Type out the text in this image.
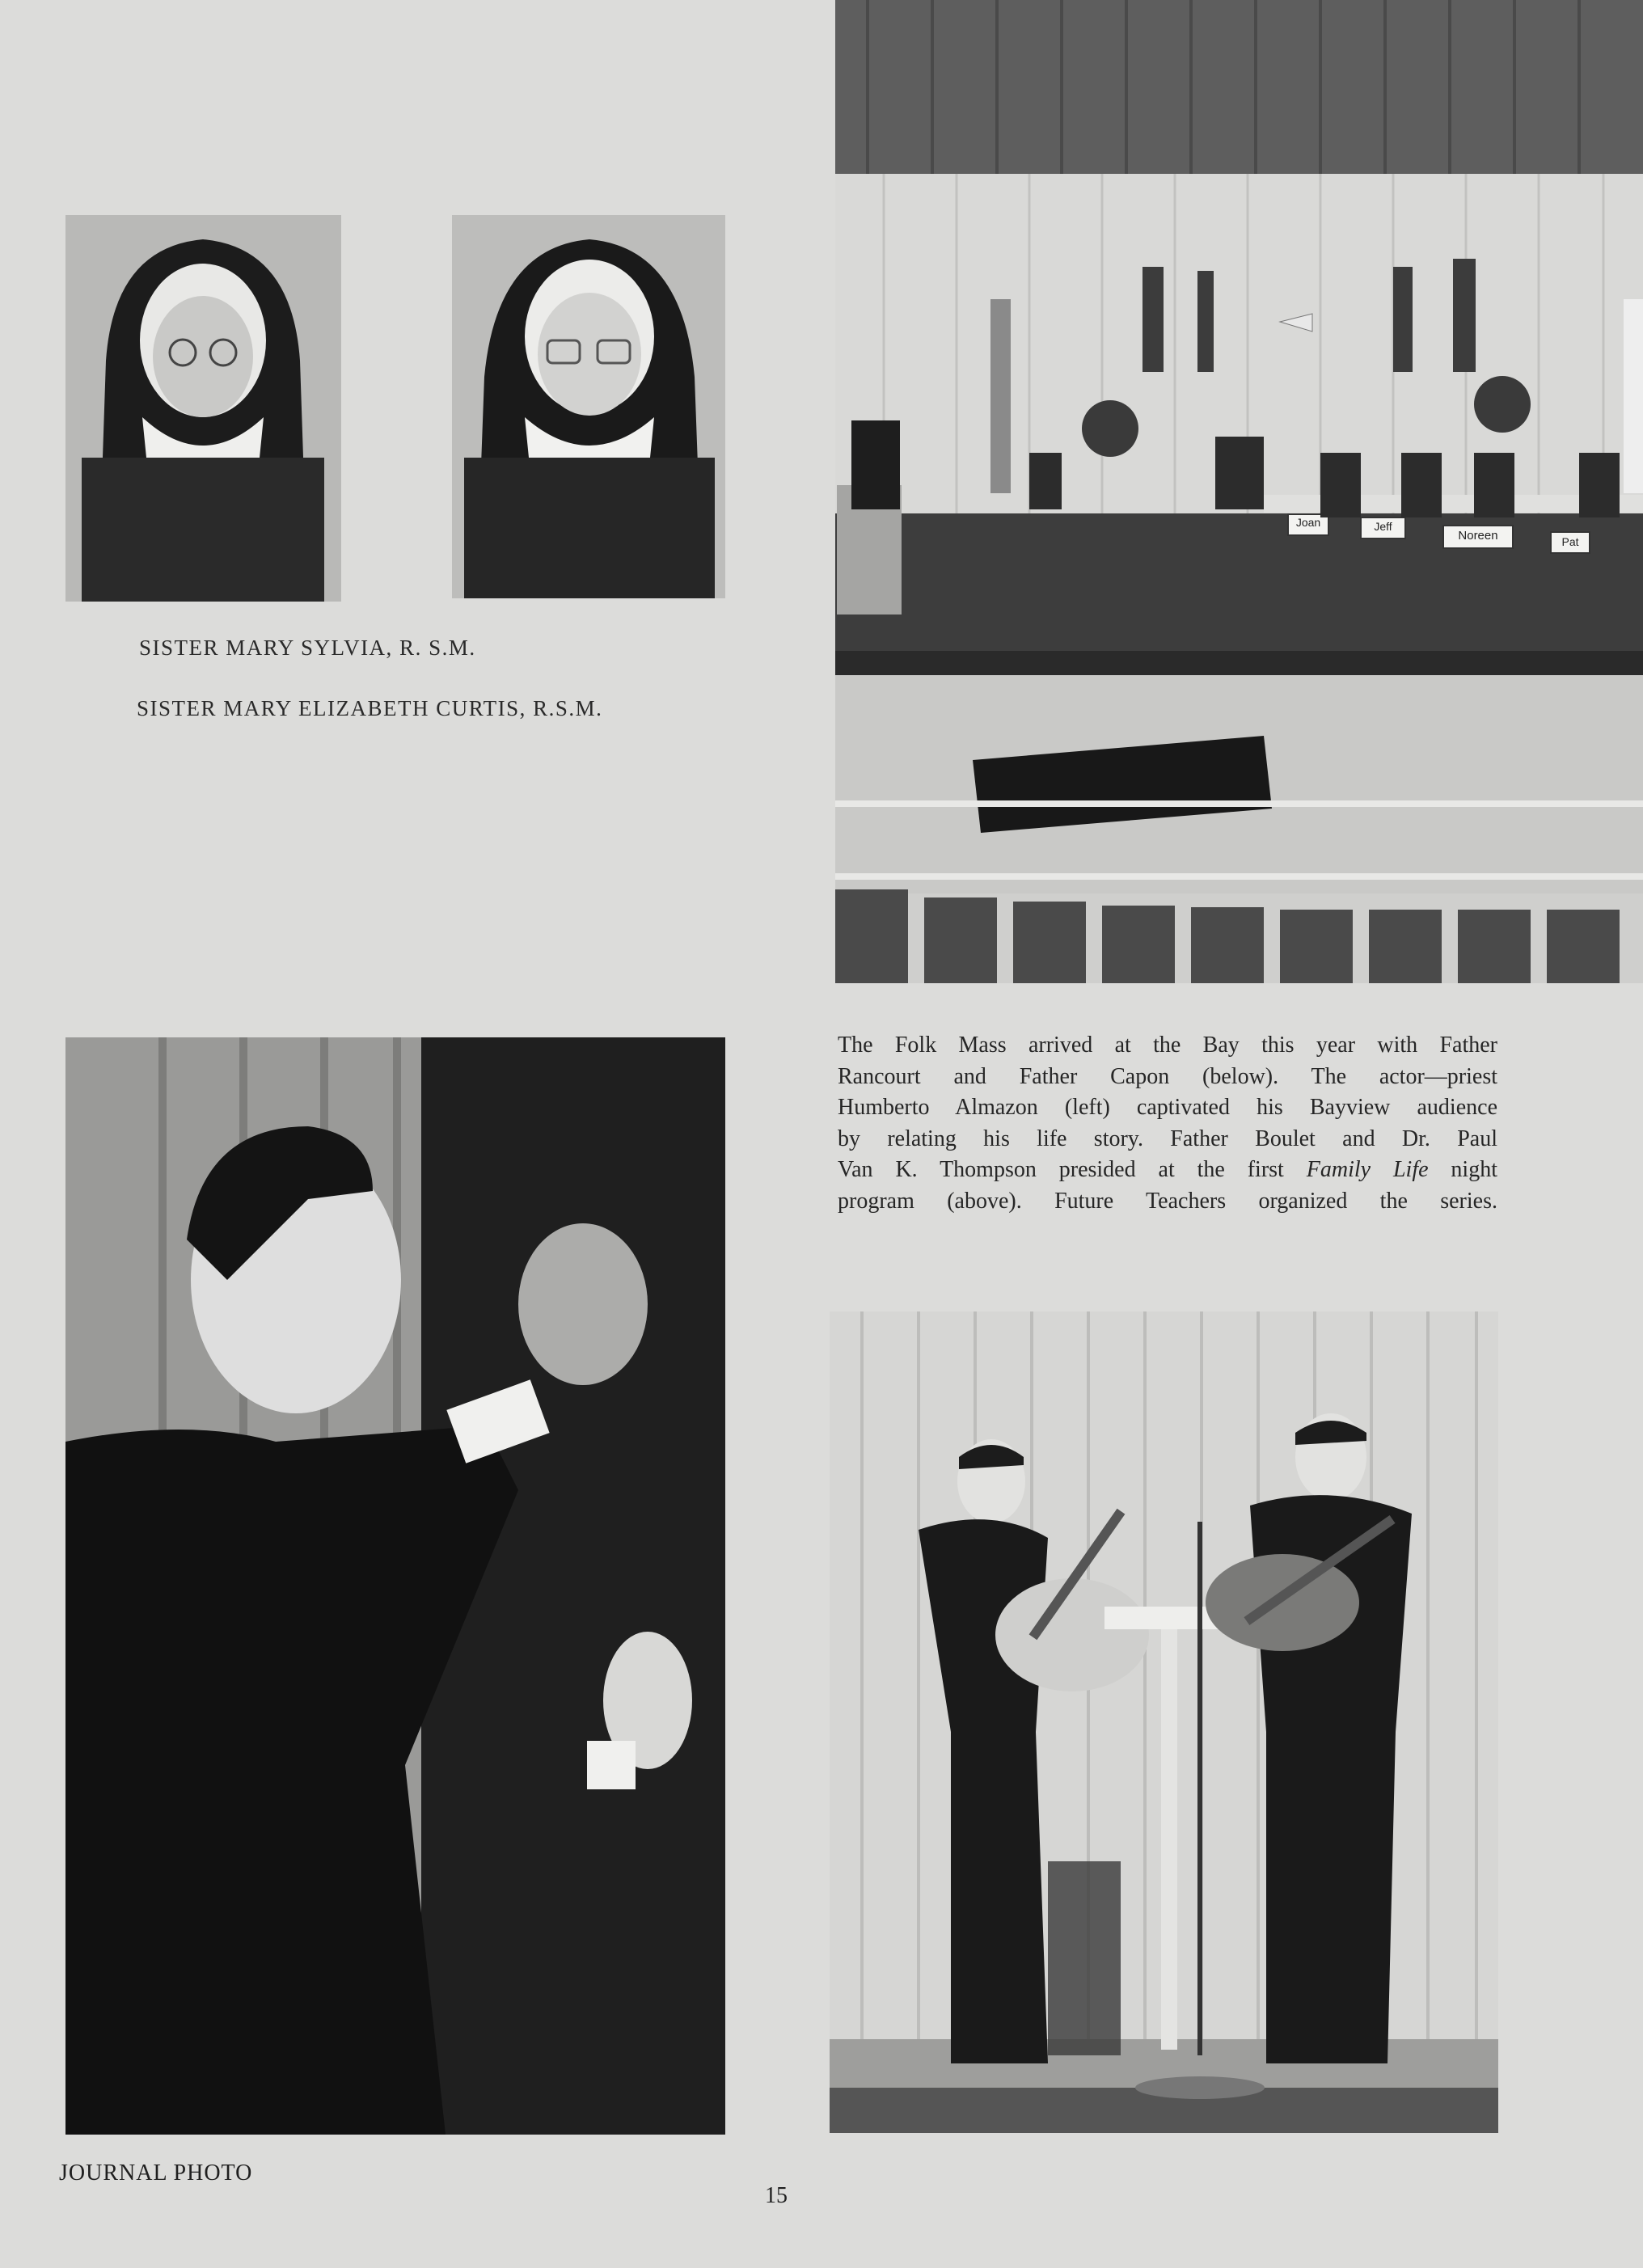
SISTER MARY SYLVIA, R. S.M.
SISTER MARY ELIZABETH CURTIS, R.S.M.
Joan	Jeff
Noreen	Pat
The Folk Mass arrived at the Bay this year with Father
Rancourt and Father Capon (below). The actor—priest
Humberto Almazon (left) captivated his Bayview audience
by relating his life story. Father Boulet and Dr. Paul
Van K. Thompson presided at the first Family Life night
program (above). Future Teachers organized the series.
JOURNAL PHOTO
15
